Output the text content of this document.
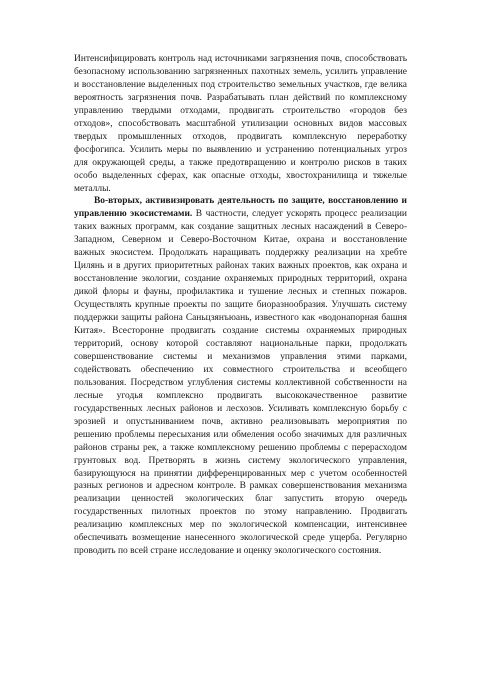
Интенсифицировать контроль над источниками загрязнения почв, способствовать безопасному использованию загрязненных пахотных земель, усилить управление и восстановление выделенных под строительство земельных участков, где велика вероятность загрязнения почв. Разрабатывать план действий по комплексному управлению твердыми отходами, продвигать строительство «городов без отходов», способствовать масштабной утилизации основных видов массовых твердых промышленных отходов, продвигать комплексную переработку фосфогипса. Усилить меры по выявлению и устранению потенциальных угроз для окружающей среды, а также предотвращению и контролю рисков в таких особо выделенных сферах, как опасные отходы, хвостохранилища и тяжелые металлы.

Во-вторых, активизировать деятельность по защите, восстановлению и управлению экосистемами. В частности, следует ускорять процесс реализации таких важных программ, как создание защитных лесных насаждений в Северо-Западном, Северном и Северо-Восточном Китае, охрана и восстановление важных экосистем. Продолжать наращивать поддержку реализации на хребте Цилянь и в других приоритетных районах таких важных проектов, как охрана и восстановление экологии, создание охраняемых природных территорий, охрана дикой флоры и фауны, профилактика и тушение лесных и степных пожаров. Осуществлять крупные проекты по защите биоразнообразия. Улучшать систему поддержки защиты района Саньцзянъюань, известного как «водонапорная башня Китая». Всесторонне продвигать создание системы охраняемых природных территорий, основу которой составляют национальные парки, продолжать совершенствование системы и механизмов управления этими парками, содействовать обеспечению их совместного строительства и всеобщего пользования. Посредством углубления системы коллективной собственности на лесные угодья комплексно продвигать высококачественное развитие государственных лесных районов и лесхозов. Усиливать комплексную борьбу с эрозией и опустыниванием почв, активно реализовывать мероприятия по решению проблемы пересыхания или обмеления особо значимых для различных районов страны рек, а также комплексному решению проблемы с перерасходом грунтовых вод. Претворять в жизнь систему экологического управления, базирующуюся на принятии дифференцированных мер с учетом особенностей разных регионов и адресном контроле. В рамках совершенствования механизма реализации ценностей экологических благ запустить вторую очередь государственных пилотных проектов по этому направлению. Продвигать реализацию комплексных мер по экологической компенсации, интенсивнее обеспечивать возмещение нанесенного экологической среде ущерба. Регулярно проводить по всей стране исследование и оценку экологического состояния.
